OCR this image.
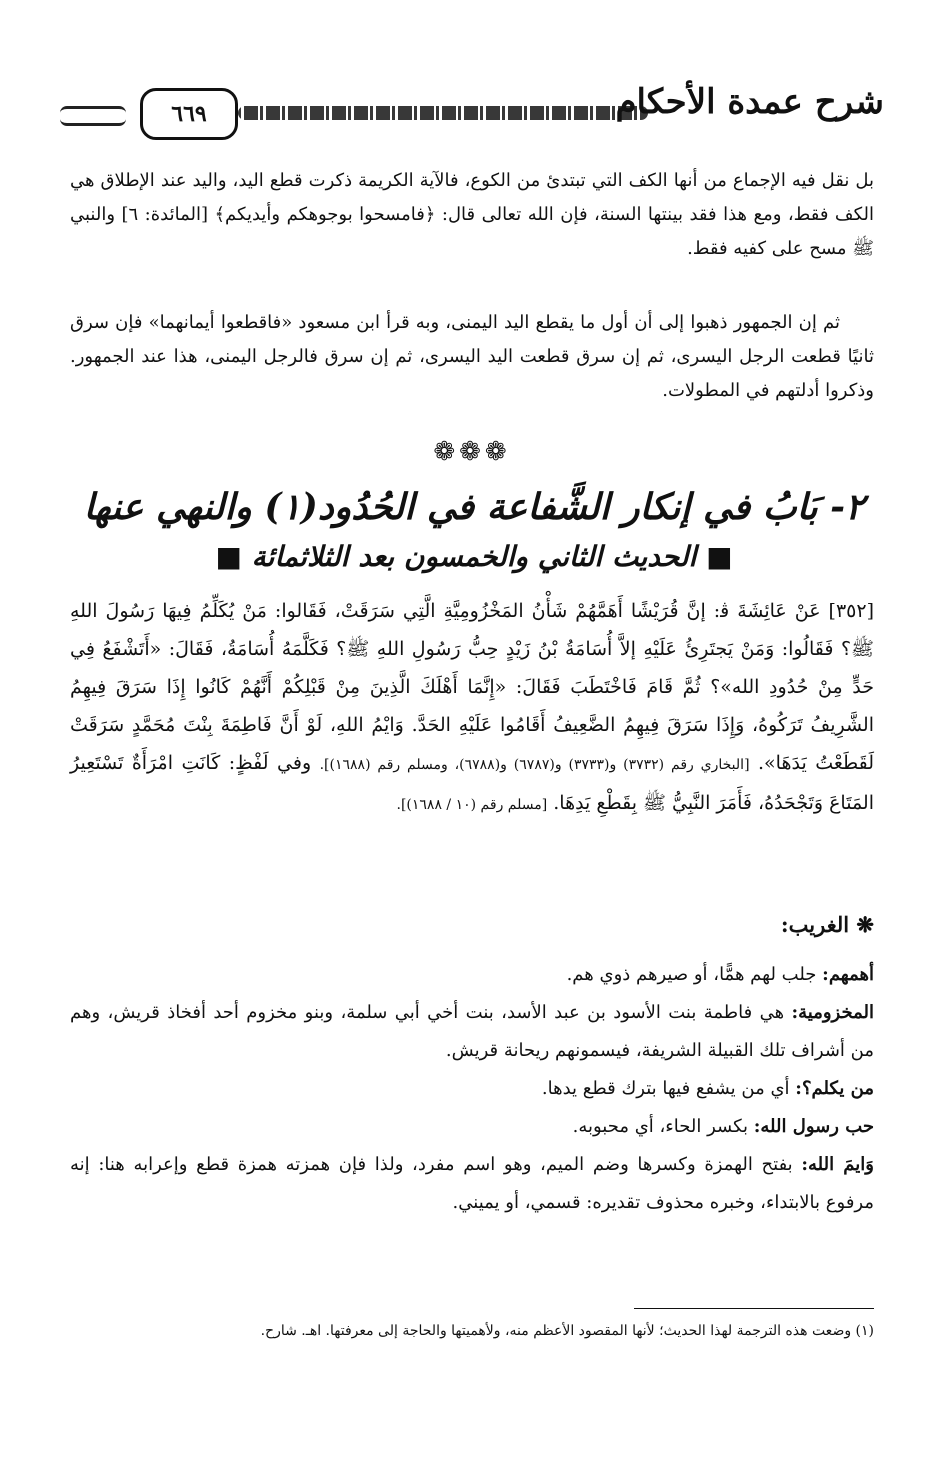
٦٦٩	شرح عمدة الأحكام

بل نقل فيه الإجماع من أنها الكف التي تبتدئ من الكوع، فالآية الكريمة ذكرت قطع اليد، واليد عند الإطلاق هي الكف فقط، ومع هذا فقد بينتها السنة، فإن الله تعالى قال: ﴿فامسحوا بوجوهكم وأيديكم﴾ [المائدة: ٦] والنبي ﷺ مسح على كفيه فقط.

ثم إن الجمهور ذهبوا إلى أن أول ما يقطع اليد اليمنى، وبه قرأ ابن مسعود «فاقطعوا أيمانهما» فإن سرق ثانيًا قطعت الرجل اليسرى، ثم إن سرق قطعت اليد اليسرى، ثم إن سرق فالرجل اليمنى، هذا عند الجمهور. وذكروا أدلتهم في المطولات.

❁❁❁
٢- بَابُ في إنكار الشَّفاعة في الحُدُود(١) والنهي عنها
■ الحديث الثاني والخمسون بعد الثلاثمائة ■

[٣٥٢] عَنْ عَائِشَةَ ﭬ: إنَّ قُرَيْشًا أَهَمَّهُمْ شَأْنُ المَخْزُومِيَّةِ الَّتِي سَرَقَتْ، فَقَالوا: مَنْ يُكَلِّمُ فِيهَا رَسُولَ اللهِ ﷺ؟ فَقَالُوا: وَمَنْ يَجتَرِئُ عَلَيْهِ إلاَّ أُسَامَةُ بْنُ زَيْدٍ حِبُّ رَسُولِ اللهِ ﷺ؟ فَكَلَّمَهُ أُسَامَةُ، فَقَالَ: «أَتَشْفَعُ فِي حَدٍّ مِنْ حُدُودِ الله»؟ ثُمَّ قَامَ فَاخْتَطَبَ فَقَالَ: «إِنَّمَا أَهْلَكَ الَّذِينَ مِنْ قَبْلِكُمْ أَنَّهُمْ كَانُوا إِذَا سَرَقَ فِيهِمُ الشَّرِيفُ تَرَكُوهُ، وَإِذَا سَرَقَ فِيهِمُ الضَّعِيفُ أَقَامُوا عَلَيْهِ الحَدَّ. وَايْمُ اللهِ، لَوْ أَنَّ فَاطِمَةَ بِنْتَ مُحَمَّدٍ سَرَقَتْ لَقَطَعْتُ يَدَهَا». [البخاري رقم (٣٧٣٢) و(٣٧٣٣) و(٦٧٨٧) و(٦٧٨٨)، ومسلم رقم (١٦٨٨)]. وفي لَفْظٍ: كَانَتِ امْرَأَةٌ تَسْتَعِيرُ المَتَاعَ وَتَجْحَدُهُ، فَأَمَرَ النَّبِيُّ ﷺ بِقَطْعِ يَدِهَا. [مسلم رقم (١٠ / ١٦٨٨)].

❋ الغريب:

أهمهم: جلب لهم همًّا، أو صيرهم ذوي هم.

المخزومية: هي فاطمة بنت الأسود بن عبد الأسد، بنت أخي أبي سلمة، وبنو مخزوم أحد أفخاذ قريش، وهم من أشراف تلك القبيلة الشريفة، فيسمونهم ريحانة قريش.

من يكلم؟: أي من يشفع فيها بترك قطع يدها.

حب رسول الله: بكسر الحاء، أي محبوبه.

وَايمَ الله: بفتح الهمزة وكسرها وضم الميم، وهو اسم مفرد، ولذا فإن همزته همزة قطع وإعرابه هنا: إنه مرفوع بالابتداء، وخبره محذوف تقديره: قسمي، أو يميني.

(١) وضعت هذه الترجمة لهذا الحديث؛ لأنها المقصود الأعظم منه، ولأهميتها والحاجة إلى معرفتها. اهـ. شارح.
